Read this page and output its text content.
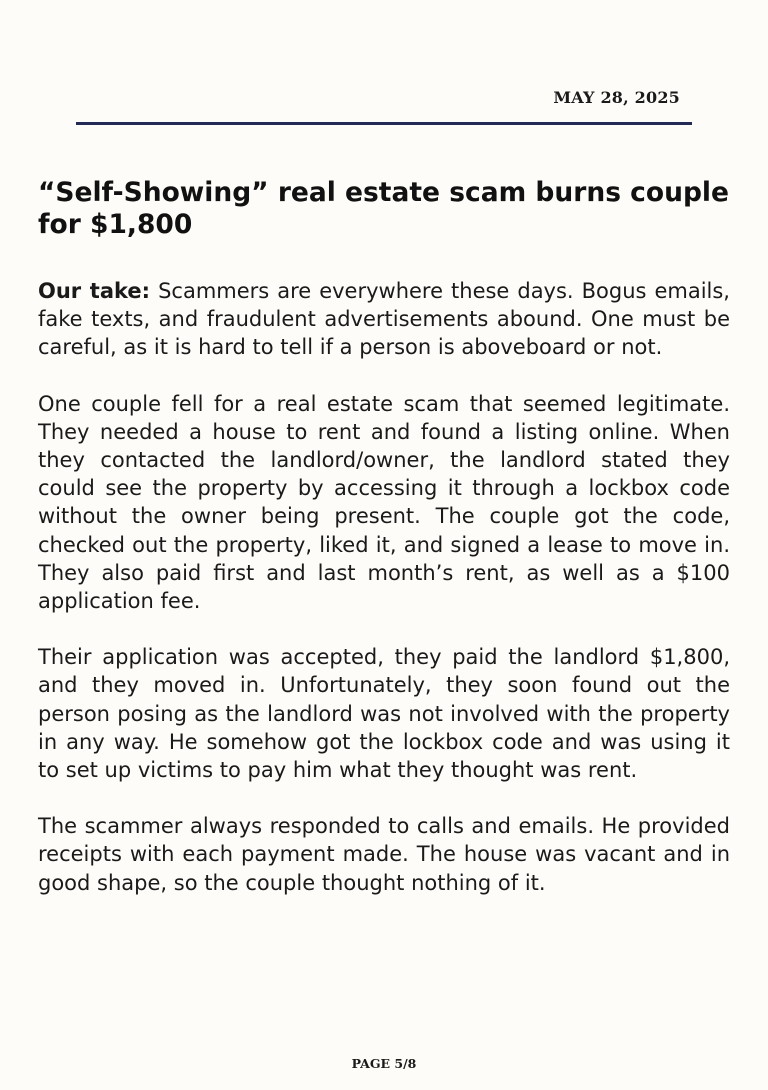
MAY 28, 2025
“Self-Showing” real estate scam burns couple for $1,800

Our take: Scammers are everywhere these days. Bogus emails, fake texts, and fraudulent advertisements abound. One must be careful, as it is hard to tell if a person is aboveboard or not.

One couple fell for a real estate scam that seemed legitimate. They needed a house to rent and found a listing online. When they contacted the landlord/owner, the landlord stated they could see the property by accessing it through a lockbox code without the owner being present. The couple got the code, checked out the property, liked it, and signed a lease to move in. They also paid first and last month’s rent, as well as a $100 application fee.

Their application was accepted, they paid the landlord $1,800, and they moved in. Unfortunately, they soon found out the person posing as the landlord was not involved with the property in any way. He somehow got the lockbox code and was using it to set up victims to pay him what they thought was rent.

The scammer always responded to calls and emails. He provided receipts with each payment made. The house was vacant and in good shape, so the couple thought nothing of it.

PAGE 5/8
